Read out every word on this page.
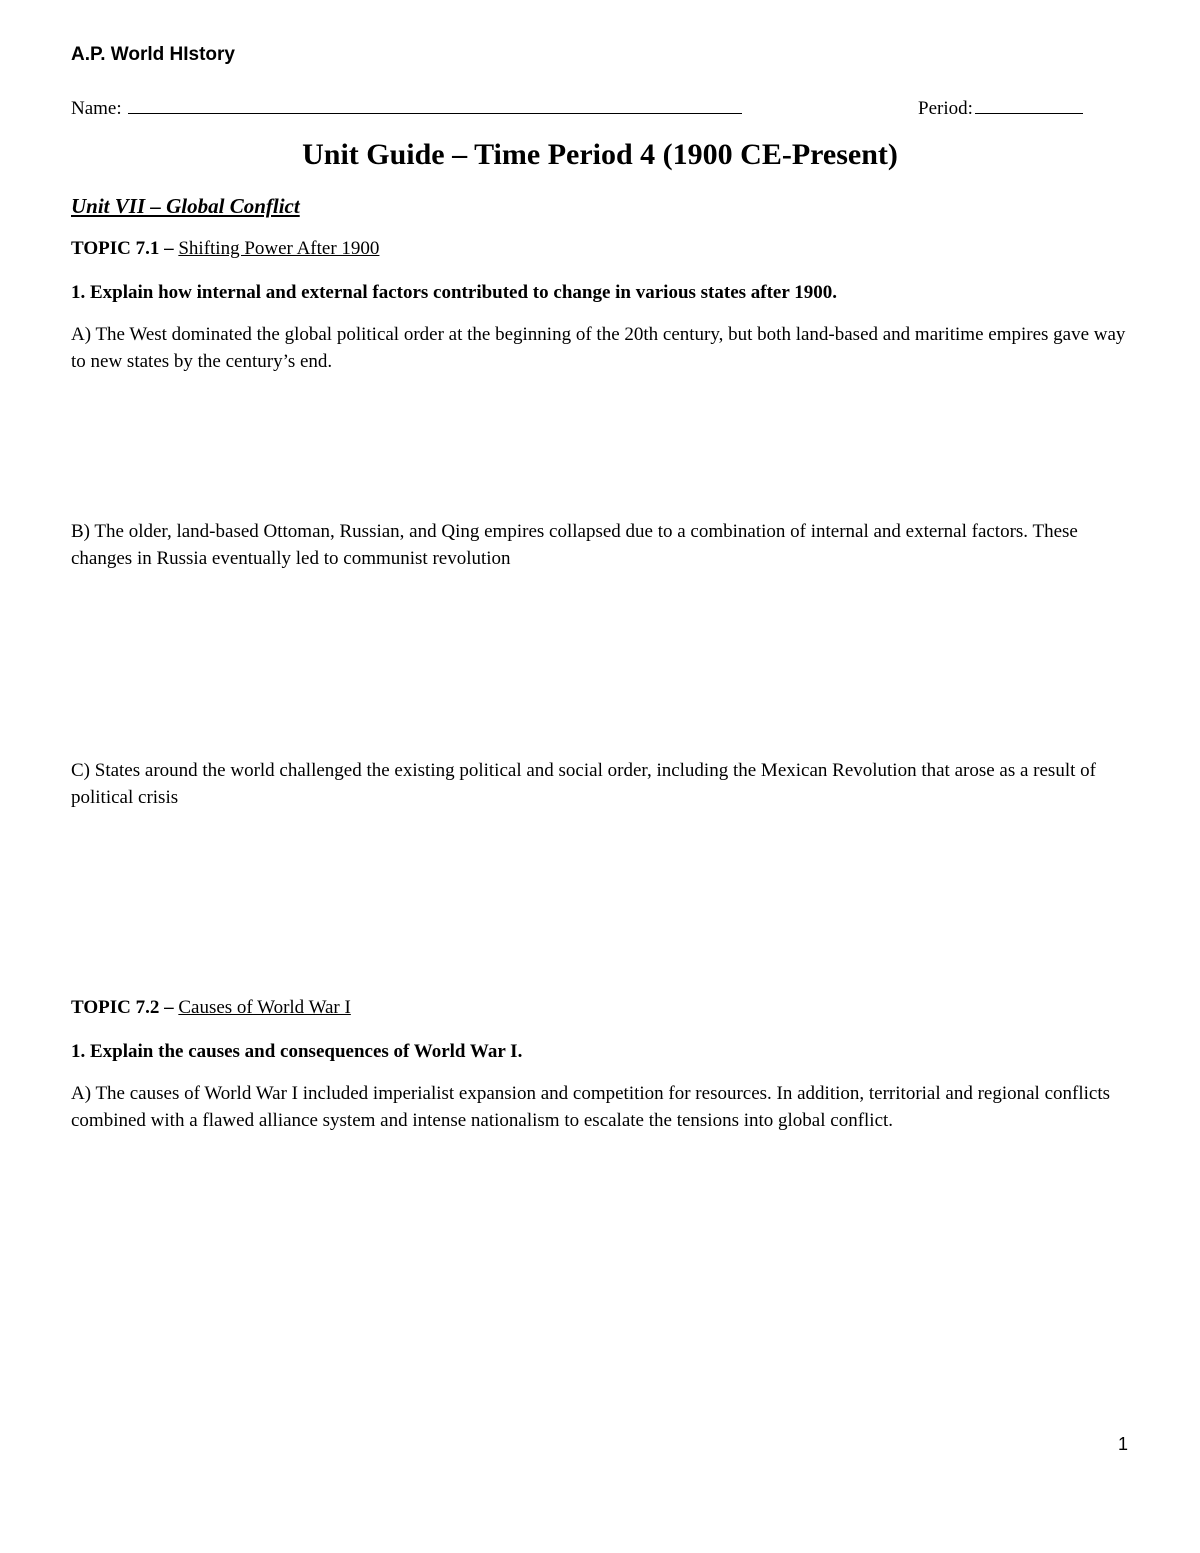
A.P. World HIstory
Name:	Period:
Unit Guide – Time Period 4 (1900 CE-Present)
Unit VII – Global Conflict
TOPIC 7.1 – Shifting Power After 1900
1. Explain how internal and external factors contributed to change in various states after 1900.
A) The West dominated the global political order at the beginning of the 20th century, but both land-based and maritime empires gave way to new states by the century’s end.
B) The older, land-based Ottoman, Russian, and Qing empires collapsed due to a combination of internal and external factors. These changes in Russia eventually led to communist revolution
C) States around the world challenged the existing political and social order, including the Mexican Revolution that arose as a result of political crisis
TOPIC 7.2 – Causes of World War I
1. Explain the causes and consequences of World War I.
A) The causes of World War I included imperialist expansion and competition for resources. In addition, territorial and regional conflicts combined with a flawed alliance system and intense nationalism to escalate the tensions into global conflict.
1
